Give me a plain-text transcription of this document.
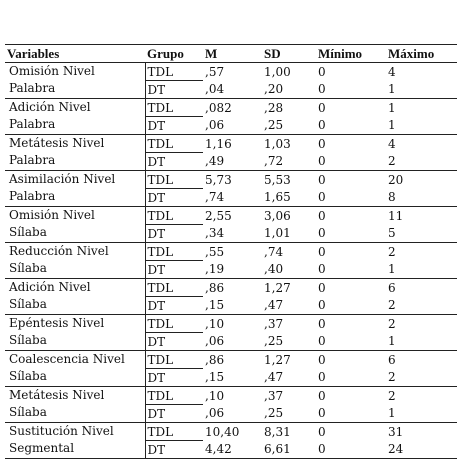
Variables	Grupo	M	SD	Mínimo	Máximo

Omisión Nivel
Palabra	TDL	,57	1,00	0	4
	DT	,04	,20	0	1

Adición Nivel
Palabra	TDL	,082	,28	0	1
	DT	,06	,25	0	1

Metátesis Nivel
Palabra	TDL	1,16	1,03	0	4
	DT	,49	,72	0	2

Asimilación Nivel
Palabra	TDL	5,73	5,53	0	20
	DT	,74	1,65	0	8

Omisión Nivel
Sílaba	TDL	2,55	3,06	0	11
	DT	,34	1,01	0	5

Reducción Nivel
Sílaba	TDL	,55	,74	0	2
	DT	,19	,40	0	1

Adición Nivel
Sílaba	TDL	,86	1,27	0	6
	DT	,15	,47	0	2

Epéntesis Nivel
Sílaba	TDL	,10	,37	0	2
	DT	,06	,25	0	1

Coalescencia Nivel
Sílaba	TDL	,86	1,27	0	6
	DT	,15	,47	0	2

Metátesis Nivel
Sílaba	TDL	,10	,37	0	2
	DT	,06	,25	0	1

Sustitución Nivel
Segmental	TDL	10,40	8,31	0	31
	DT	4,42	6,61	0	24
